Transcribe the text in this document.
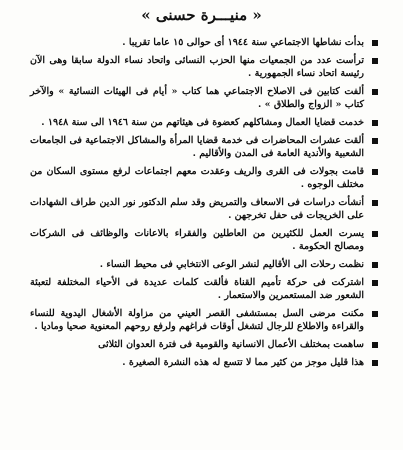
« منيـــرة حسنى »
بدأت نشاطها الاجتماعي سنة ١٩٤٤ أى حوالى ١٥ عاما تقريبا .
ترأست عدد من الجمعيات منها الحزب النسائى واتحاد نساء الدولة سابقا وهى الآن رئيسة اتحاد نساء الجمهورية .
ألفت كتابين فى الاصلاح الاجتماعي هما كتاب « أيام فى الهيئات النسائية » والآخر كتاب « الزواج والطلاق » .
خدمت قضايا العمال ومشاكلهم كعضوة فى هيئاتهم من سنة ١٩٤٦ الى سنة ١٩٤٨ .
ألقت عشرات المحاضرات فى خدمة قضايا المرأة والمشاكل الاجتماعية فى الجامعات الشعبية والأندية العامة فى المدن والأقاليم .
قامت بجولات فى القرى والريف وعقدت معهم اجتماعات لرفع مستوى السكان من مختلف الوجوه .
أنشأت دراسات فى الاسعاف والتمريض وقد سلم الدكتور نور الدين طراف الشهادات على الخريجات فى حفل تخرجهن .
يسرت العمل للكثيرين من العاطلين والفقراء بالاعانات والوظائف فى الشركات ومصالح الحكومة .
نظمت رحلات الى الأقاليم لنشر الوعى الانتخابي فى محيط النساء .
اشتركت فى حركة تأميم القناة فألقت كلمات عديدة فى الأحياء المختلفة لتعبئة الشعور ضد المستعمرين والاستعمار .
مكنت مرضى السل بمستشفى القصر العيني من مزاولة الأشغال اليدوية للنساء والقراءة والاطلاع للرجال لتشغل أوقات فراغهم ولرفع روحهم المعنوية صحيا وماديا .
ساهمت بمختلف الأعمال الانسانية والقومية فى فترة العدوان الثلاثى
هذا قليل موجز من كثير مما لا تتسع له هذه النشرة الصغيرة .
